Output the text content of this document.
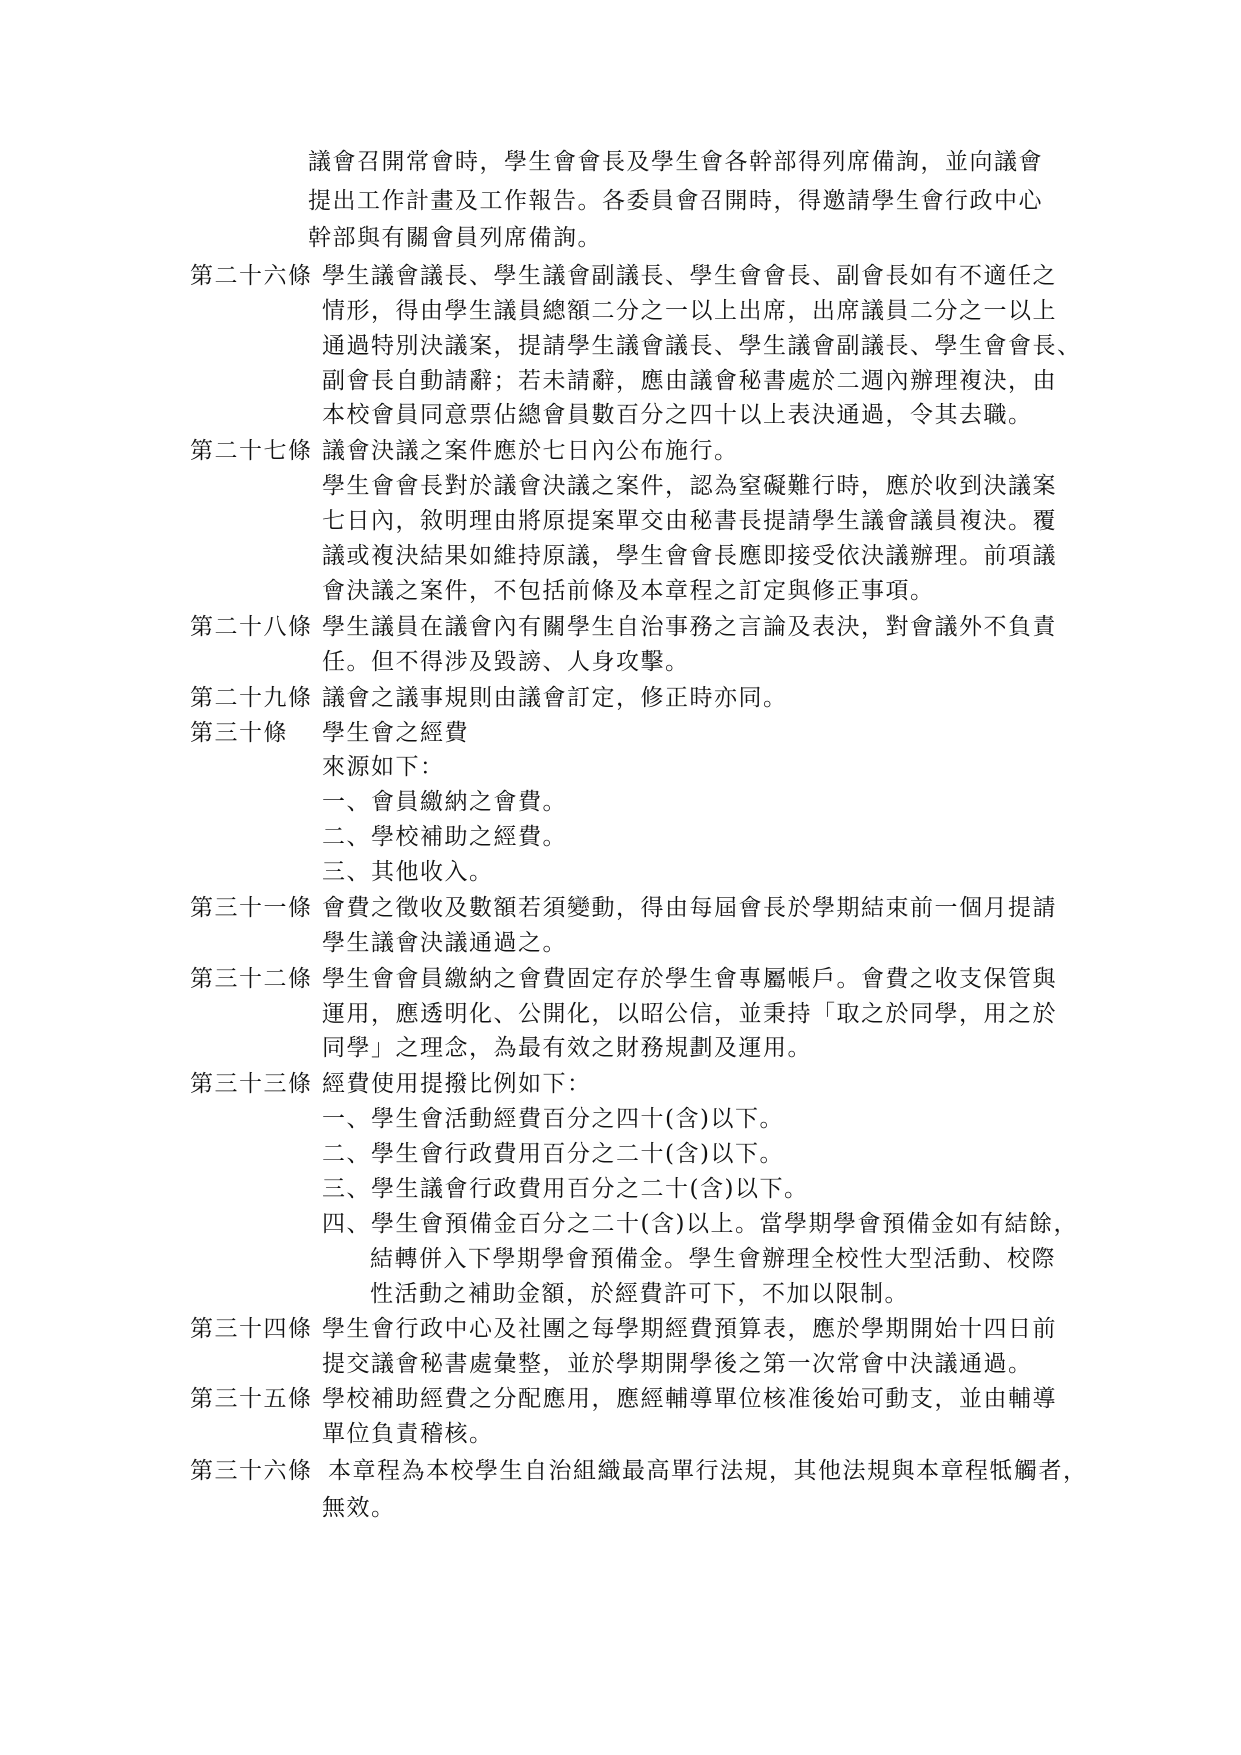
議會召開常會時，學生會會長及學生會各幹部得列席備詢，並向議會
提出工作計畫及工作報告。各委員會召開時，得邀請學生會行政中心
幹部與有關會員列席備詢。
第二十六條 學生議會議長、學生議會副議長、學生會會長、副會長如有不適任之
情形，得由學生議員總額二分之一以上出席，出席議員二分之一以上
通過特別決議案，提請學生議會議長、學生議會副議長、學生會會長、
副會長自動請辭；若未請辭，應由議會秘書處於二週內辦理複決，由
本校會員同意票佔總會員數百分之四十以上表決通過，令其去職。
第二十七條 議會決議之案件應於七日內公布施行。
學生會會長對於議會決議之案件，認為窒礙難行時，應於收到決議案
七日內，敘明理由將原提案單交由秘書長提請學生議會議員複決。覆
議或複決結果如維持原議，學生會會長應即接受依決議辦理。前項議
會決議之案件，不包括前條及本章程之訂定與修正事項。
第二十八條 學生議員在議會內有關學生自治事務之言論及表決，對會議外不負責
任。但不得涉及毀謗、人身攻擊。
第二十九條 議會之議事規則由議會訂定，修正時亦同。
第三十條 學生會之經費
來源如下：
一、會員繳納之會費。
二、學校補助之經費。
三、其他收入。
第三十一條 會費之徵收及數額若須變動，得由每屆會長於學期結束前一個月提請
學生議會決議通過之。
第三十二條 學生會會員繳納之會費固定存於學生會專屬帳戶。會費之收支保管與
運用，應透明化、公開化，以昭公信，並秉持「取之於同學，用之於
同學」之理念，為最有效之財務規劃及運用。
第三十三條 經費使用提撥比例如下：
一、學生會活動經費百分之四十(含)以下。
二、學生會行政費用百分之二十(含)以下。
三、學生議會行政費用百分之二十(含)以下。
四、學生會預備金百分之二十(含)以上。當學期學會預備金如有結餘，
結轉併入下學期學會預備金。學生會辦理全校性大型活動、校際
性活動之補助金額，於經費許可下，不加以限制。
第三十四條 學生會行政中心及社團之每學期經費預算表，應於學期開始十四日前
提交議會秘書處彙整，並於學期開學後之第一次常會中決議通過。
第三十五條 學校補助經費之分配應用，應經輔導單位核准後始可動支，並由輔導
單位負責稽核。
第三十六條 本章程為本校學生自治組織最高單行法規，其他法規與本章程牴觸者，
無效。
